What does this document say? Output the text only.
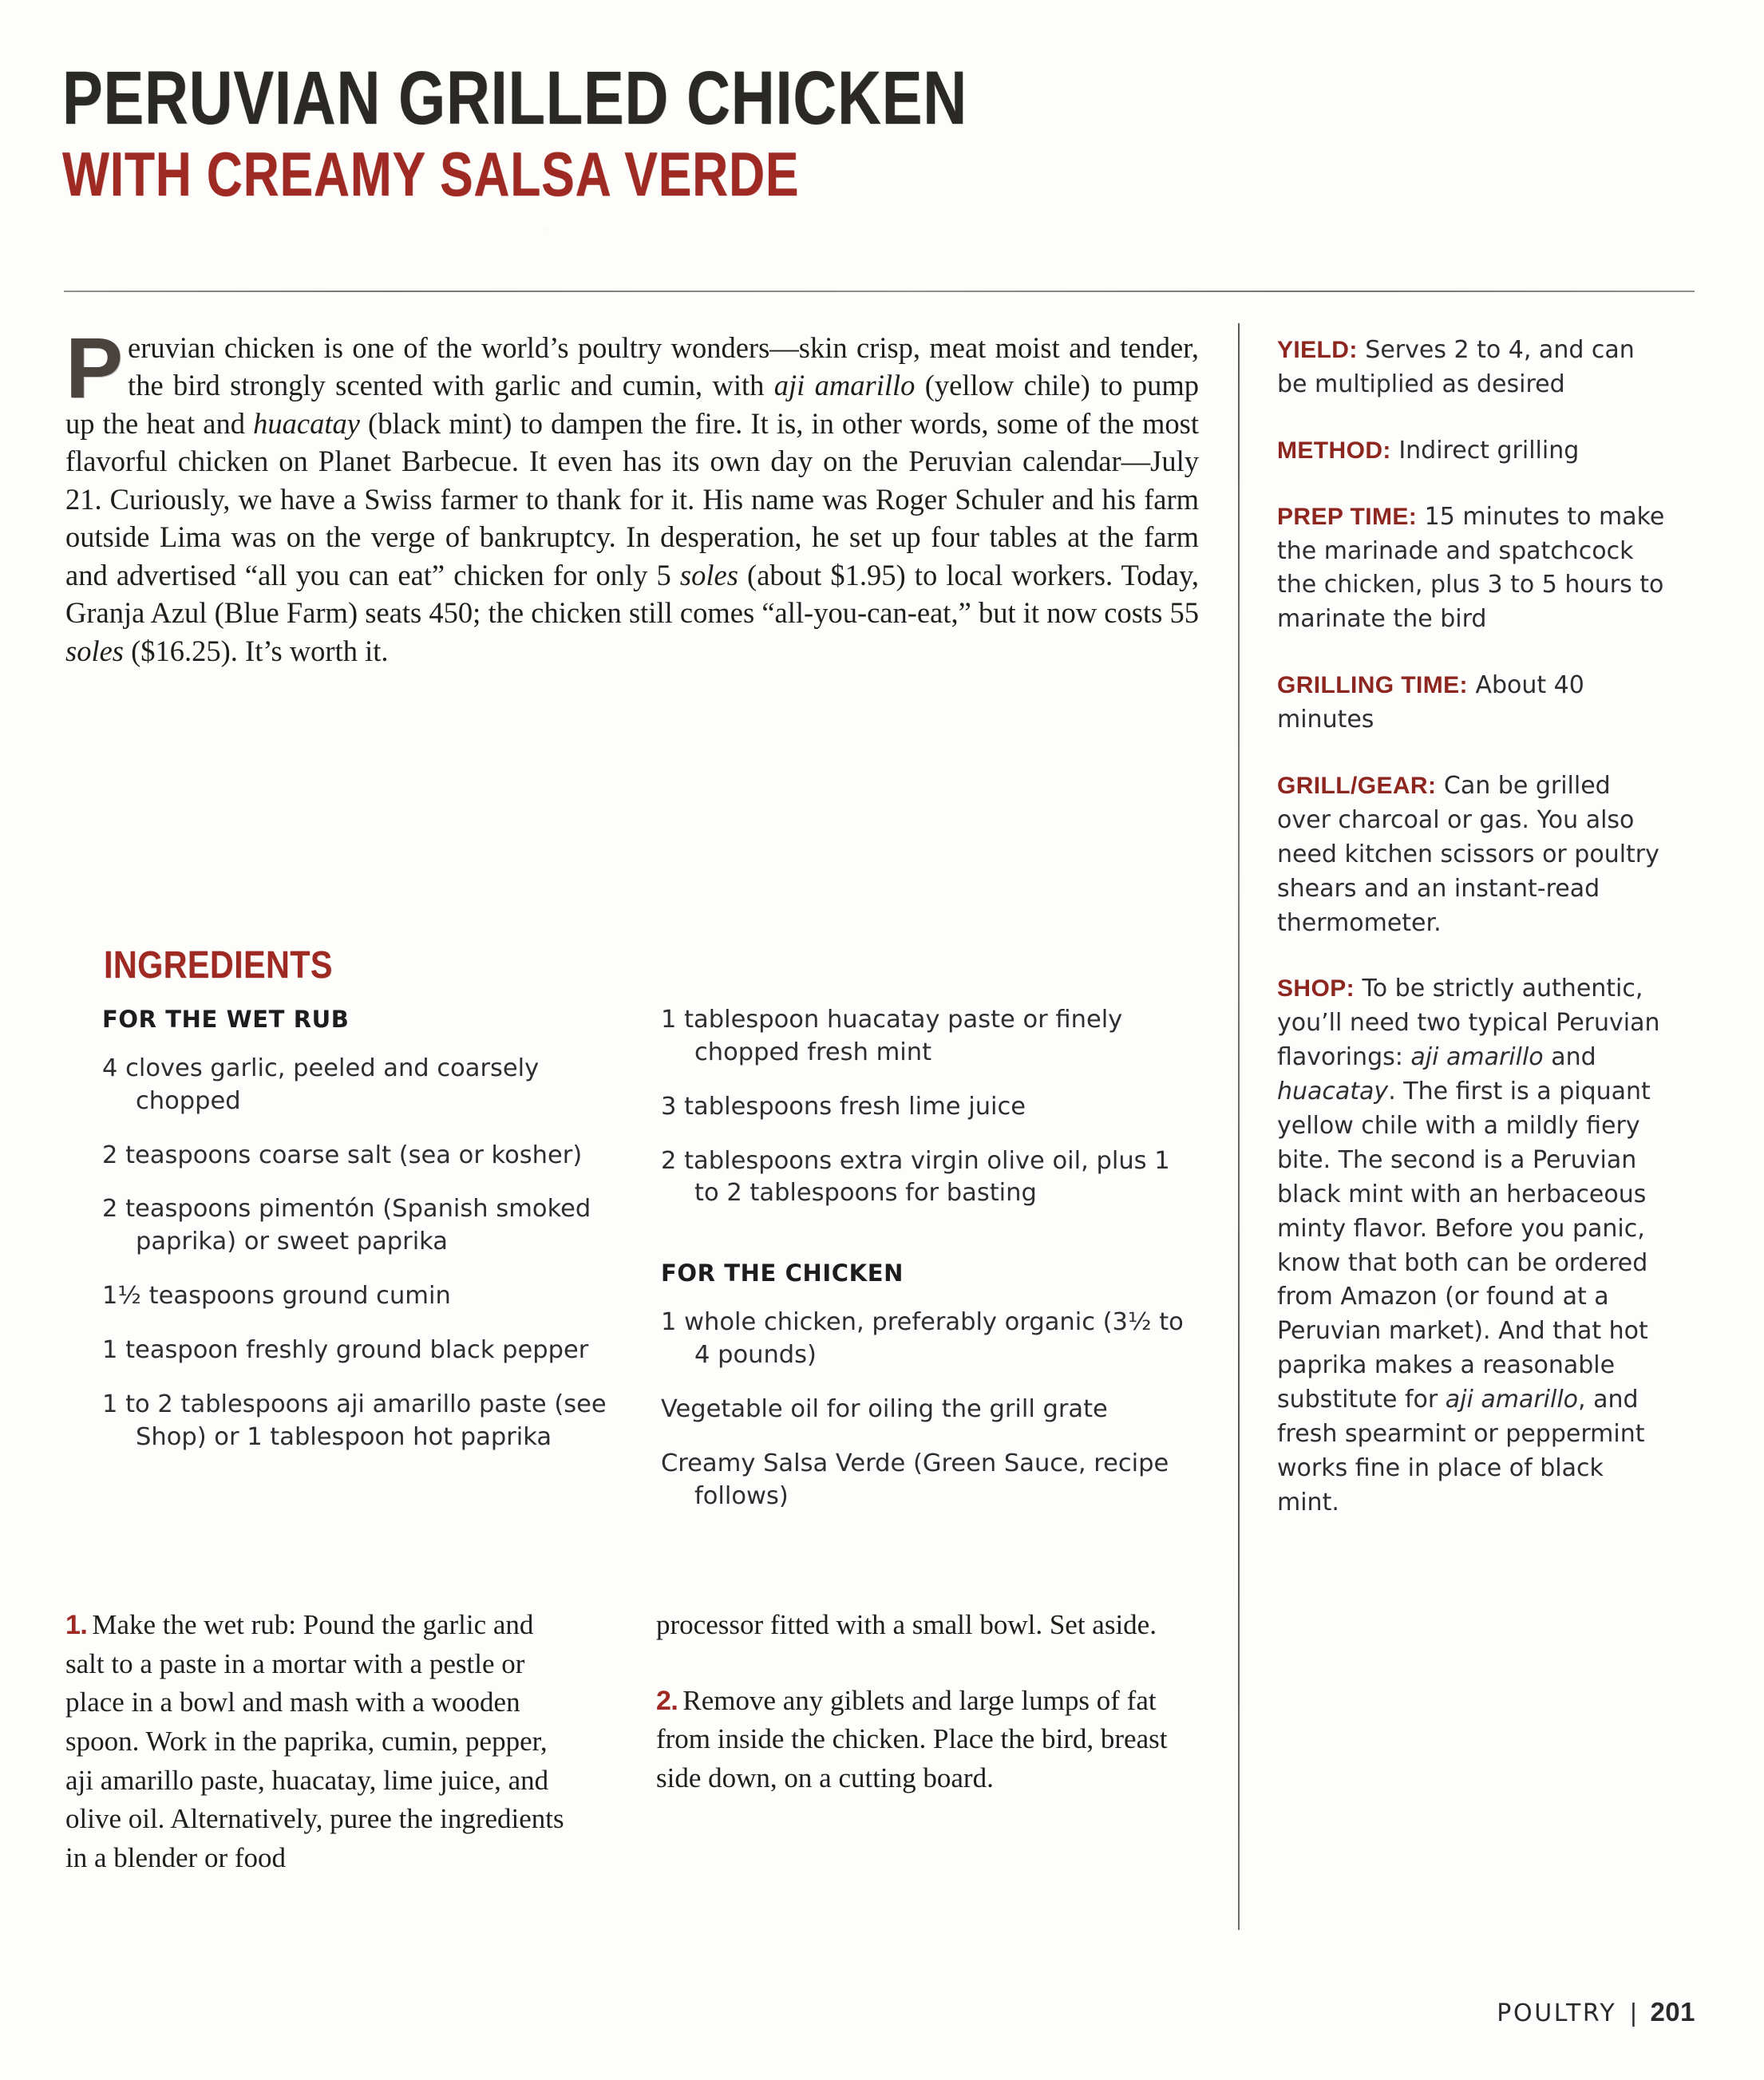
PERUVIAN GRILLED CHICKEN
WITH CREAMY SALSA VERDE
Peruvian chicken is one of the world’s poultry wonders—skin crisp, meat moist and tender, the bird strongly scented with garlic and cumin, with aji amarillo (yellow chile) to pump up the heat and huacatay (black mint) to dampen the fire. It is, in other words, some of the most flavorful chicken on Planet Barbecue. It even has its own day on the Peruvian calendar—July 21. Curiously, we have a Swiss farmer to thank for it. His name was Roger Schuler and his farm outside Lima was on the verge of bankruptcy. In desperation, he set up four tables at the farm and advertised “all you can eat” chicken for only 5 soles (about $1.95) to local workers. Today, Granja Azul (Blue Farm) seats 450; the chicken still comes “all-you-can-eat,” but it now costs 55 soles ($16.25). It’s worth it.
INGREDIENTS
FOR THE WET RUB
4 cloves garlic, peeled and coarsely chopped
2 teaspoons coarse salt (sea or kosher)
2 teaspoons pimentón (Spanish smoked paprika) or sweet paprika
1½ teaspoons ground cumin
1 teaspoon freshly ground black pepper
1 to 2 tablespoons aji amarillo paste (see Shop) or 1 tablespoon hot paprika
1 tablespoon huacatay paste or finely chopped fresh mint
3 tablespoons fresh lime juice
2 tablespoons extra virgin olive oil, plus 1 to 2 tablespoons for basting
FOR THE CHICKEN
1 whole chicken, preferably organic (3½ to 4 pounds)
Vegetable oil for oiling the grill grate
Creamy Salsa Verde (Green Sauce, recipe follows)
1. Make the wet rub: Pound the garlic and salt to a paste in a mortar with a pestle or place in a bowl and mash with a wooden spoon. Work in the paprika, cumin, pepper, aji amarillo paste, huacatay, lime juice, and olive oil. Alternatively, puree the ingredients in a blender or food
processor fitted with a small bowl. Set aside.
2. Remove any giblets and large lumps of fat from inside the chicken. Place the bird, breast side down, on a cutting board.

YIELD: Serves 2 to 4, and can be multiplied as desired

METHOD: Indirect grilling

PREP TIME: 15 minutes to make the marinade and spatchcock the chicken, plus 3 to 5 hours to marinate the bird

GRILLING TIME: About 40 minutes

GRILL/GEAR: Can be grilled over charcoal or gas. You also need kitchen scissors or poultry shears and an instant-read thermometer.

SHOP: To be strictly authentic, you’ll need two typical Peruvian flavorings: aji amarillo and huacatay. The first is a piquant yellow chile with a mildly fiery bite. The second is a Peruvian black mint with an herbaceous minty flavor. Before you panic, know that both can be ordered from Amazon (or found at a Peruvian market). And that hot paprika makes a reasonable substitute for aji amarillo, and fresh spearmint or peppermint works fine in place of black mint.

POULTRY | 201
